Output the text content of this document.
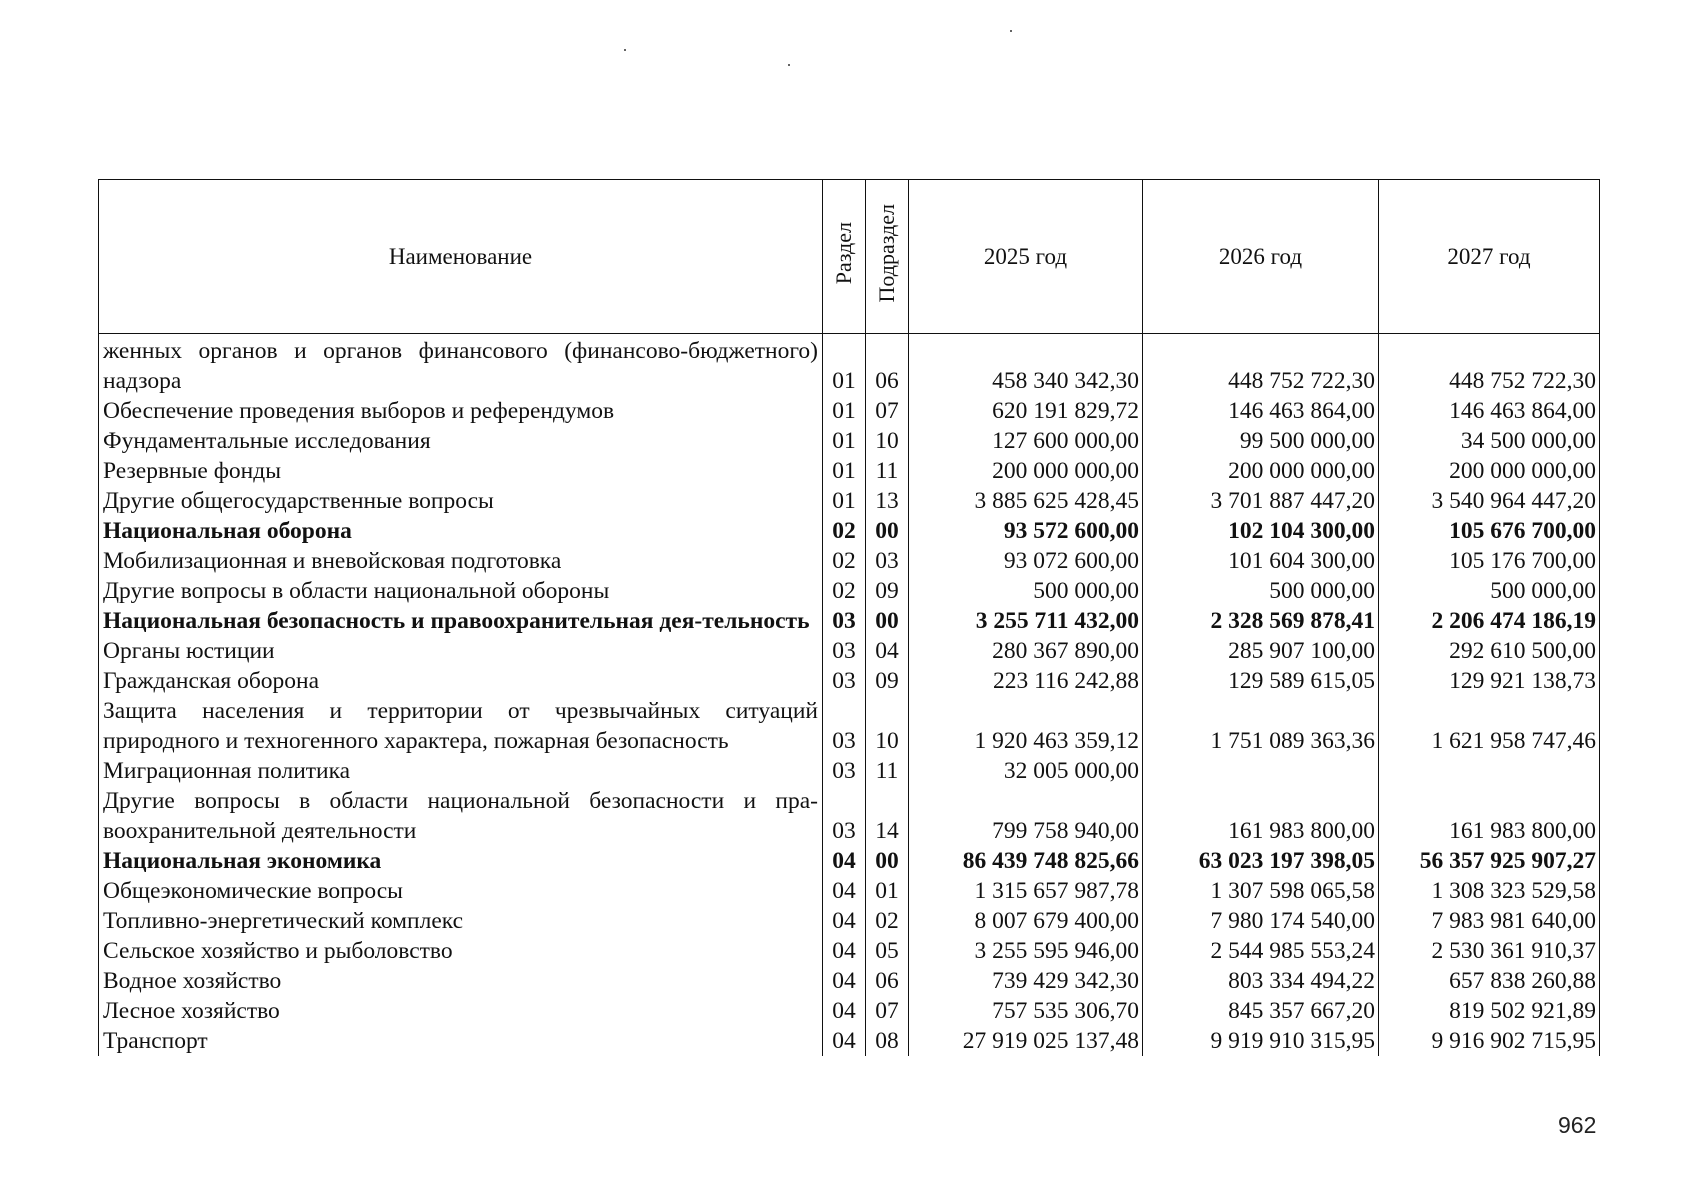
Наименование	Раздел	Подраздел	2025 год	2026 год	2027 год
женных органов и органов финансового (финансово-бюджетного) надзора	01	06	458 340 342,30	448 752 722,30	448 752 722,30
Обеспечение проведения выборов и референдумов	01	07	620 191 829,72	146 463 864,00	146 463 864,00
Фундаментальные исследования	01	10	127 600 000,00	99 500 000,00	34 500 000,00
Резервные фонды	01	11	200 000 000,00	200 000 000,00	200 000 000,00
Другие общегосударственные вопросы	01	13	3 885 625 428,45	3 701 887 447,20	3 540 964 447,20
Национальная оборона	02	00	93 572 600,00	102 104 300,00	105 676 700,00
Мобилизационная и вневойсковая подготовка	02	03	93 072 600,00	101 604 300,00	105 176 700,00
Другие вопросы в области национальной обороны	02	09	500 000,00	500 000,00	500 000,00
Национальная безопасность и правоохранительная дея-тельность	03	00	3 255 711 432,00	2 328 569 878,41	2 206 474 186,19
Органы юстиции	03	04	280 367 890,00	285 907 100,00	292 610 500,00
Гражданская оборона	03	09	223 116 242,88	129 589 615,05	129 921 138,73
Защита населения и территории от чрезвычайных ситуаций природного и техногенного характера, пожарная безопасность	03	10	1 920 463 359,12	1 751 089 363,36	1 621 958 747,46
Миграционная политика	03	11	32 005 000,00		
Другие вопросы в области национальной безопасности и пра-воохранительной деятельности	03	14	799 758 940,00	161 983 800,00	161 983 800,00
Национальная экономика	04	00	86 439 748 825,66	63 023 197 398,05	56 357 925 907,27
Общеэкономические вопросы	04	01	1 315 657 987,78	1 307 598 065,58	1 308 323 529,58
Топливно-энергетический комплекс	04	02	8 007 679 400,00	7 980 174 540,00	7 983 981 640,00
Сельское хозяйство и рыболовство	04	05	3 255 595 946,00	2 544 985 553,24	2 530 361 910,37
Водное хозяйство	04	06	739 429 342,30	803 334 494,22	657 838 260,88
Лесное хозяйство	04	07	757 535 306,70	845 357 667,20	819 502 921,89
Транспорт	04	08	27 919 025 137,48	9 919 910 315,95	9 916 902 715,95
962
